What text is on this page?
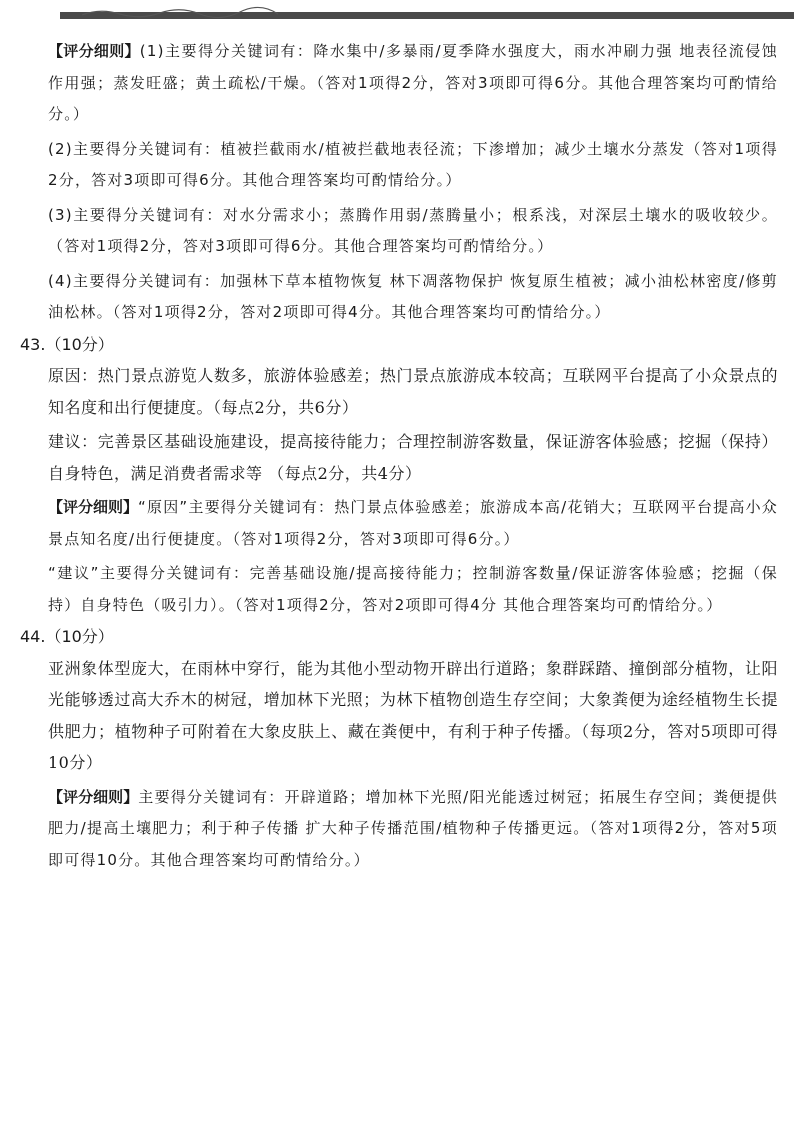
【评分细则】(1)主要得分关键词有：降水集中/多暴雨/夏季降水强度大，雨水冲刷力强 地表径流侵蚀作用强；蒸发旺盛；黄土疏松/干燥。（答对1项得2分，答对3项即可得6分。其他合理答案均可酌情给分。）

(2)主要得分关键词有：植被拦截雨水/植被拦截地表径流；下渗增加；减少土壤水分蒸发（答对1项得2分，答对3项即可得6分。其他合理答案均可酌情给分。）

(3)主要得分关键词有：对水分需求小；蒸腾作用弱/蒸腾量小；根系浅，对深层土壤水的吸收较少。（答对1项得2分，答对3项即可得6分。其他合理答案均可酌情给分。）

(4)主要得分关键词有：加强林下草本植物恢复 林下凋落物保护 恢复原生植被；减小油松林密度/修剪油松林。（答对1项得2分，答对2项即可得4分。其他合理答案均可酌情给分。）

43.（10分）

原因：热门景点游览人数多，旅游体验感差；热门景点旅游成本较高；互联网平台提高了小众景点的知名度和出行便捷度。（每点2分，共6分）

建议：完善景区基础设施建设，提高接待能力；合理控制游客数量，保证游客体验感；挖掘（保持）自身特色，满足消费者需求等 （每点2分，共4分）

【评分细则】“原因”主要得分关键词有：热门景点体验感差；旅游成本高/花销大；互联网平台提高小众景点知名度/出行便捷度。（答对1项得2分，答对3项即可得6分。）

“建议”主要得分关键词有：完善基础设施/提高接待能力；控制游客数量/保证游客体验感；挖掘（保持）自身特色（吸引力）。（答对1项得2分，答对2项即可得4分 其他合理答案均可酌情给分。）

44.（10分）

亚洲象体型庞大，在雨林中穿行，能为其他小型动物开辟出行道路；象群踩踏、撞倒部分植物，让阳光能够透过高大乔木的树冠，增加林下光照；为林下植物创造生存空间；大象粪便为途经植物生长提供肥力；植物种子可附着在大象皮肤上、藏在粪便中，有利于种子传播。（每项2分，答对5项即可得10分）

【评分细则】主要得分关键词有：开辟道路；增加林下光照/阳光能透过树冠；拓展生存空间；粪便提供肥力/提高土壤肥力；利于种子传播 扩大种子传播范围/植物种子传播更远。（答对1项得2分，答对5项即可得10分。其他合理答案均可酌情给分。）
